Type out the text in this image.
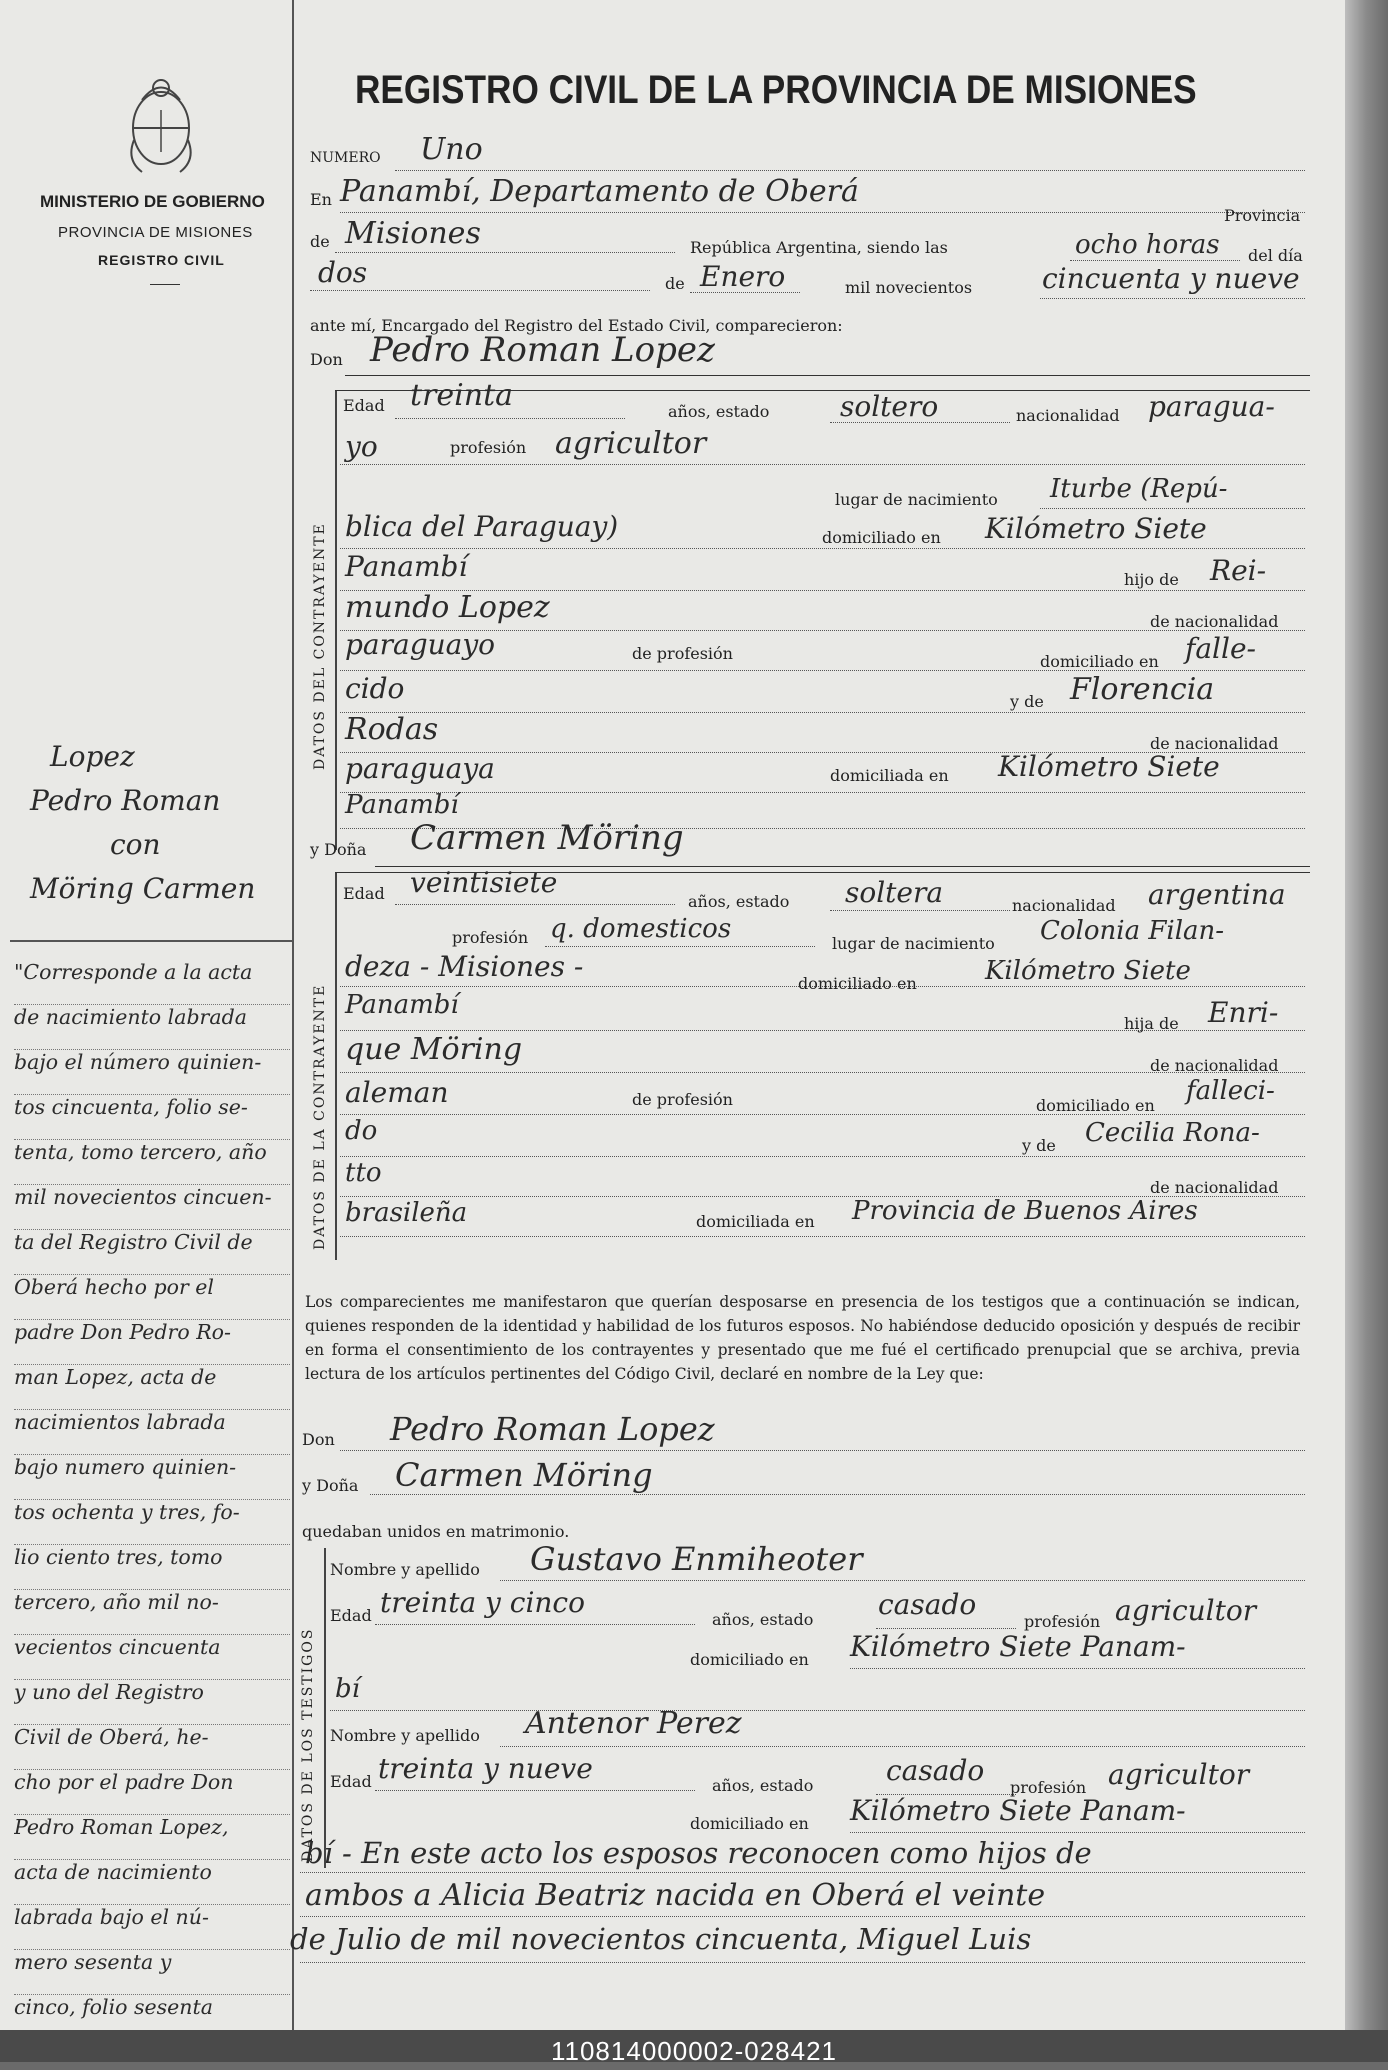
MINISTERIO DE GOBIERNO
PROVINCIA DE MISIONES
REGISTRO CIVIL
REGISTRO CIVIL DE LA PROVINCIA DE MISIONES
NUMERO Uno
En Panambí, Departamento de Oberá
Provincia
de Misiones	República Argentina, siendo las	ocho horas del día
dos	de Enero	mil novecientos cincuenta y nueve
ante mí, Encargado del Registro del Estado Civil, comparecieron:
Don Pedro Roman Lopez
DATOS DEL CONTRAYENTE
Edad treinta	años, estado	soltero	nacionalidad paragua-
yo	profesión agricultor
lugar de nacimiento Iturbe (Repú-
blica del Paraguay)	domiciliado en Kilómetro Siete
Panambí	hijo de Rei-
mundo Lopez	de nacionalidad
paraguayo	de profesión	domiciliado en falle-
cido	y de Florencia
Rodas	de nacionalidad
paraguaya	domiciliada en Kilómetro Siete
Panambí
y Doña Carmen Möring
DATOS DE LA CONTRAYENTE
Edad veintisiete
años, estado soltera	nacionalidad argentina
profesión q. domesticos	lugar de nacimiento Colonia Filan-
deza - Misiones -
domiciliado en	Kilómetro Siete
Panambí
hija de Enri-
que Möring	de nacionalidad
aleman	de profesión	domiciliado en falleci-
do	y de Cecilia Rona-
tto	de nacionalidad
brasileña	domiciliada en Provincia de Buenos Aires
Los comparecientes me manifestaron que querían desposarse en presencia de los testigos que a continuación se indican, quienes responden de la identidad y habilidad de los futuros esposos. No habiéndose deducido oposición y después de recibir en forma el consentimiento de los contrayentes y presentado que me fué el certificado prenupcial que se archiva, previa lectura de los artículos pertinentes del Código Civil, declaré en nombre de la Ley que:
Don Pedro Roman Lopez
y Doña Carmen Möring
quedaban unidos en matrimonio.
DATOS DE LOS TESTIGOS
Nombre y apellido Gustavo Enmiheoter
Edad treinta y cinco
años, estado casado
profesión agricultor
domiciliado en Kilómetro Siete Panam-
bí
Nombre y apellido Antenor Perez
Edad treinta y nueve
años, estado	casado
profesión agricultor
domiciliado en Kilómetro Siete Panam-
bí - En este acto los esposos reconocen como hijos de
ambos a Alicia Beatriz nacida en Oberá el veinte
de Julio de mil novecientos cincuenta, Miguel Luis
Lopez
Pedro Roman
con
Möring Carmen
"Corresponde a la acta
de nacimiento labrada
bajo el número quinien-
tos cincuenta, folio se-
tenta, tomo tercero, año
mil novecientos cincuen-
ta del Registro Civil de
Oberá hecho por el
padre Don Pedro Ro-
man Lopez, acta de
nacimientos labrada
bajo numero quinien-
tos ochenta y tres, fo-
lio ciento tres, tomo
tercero, año mil no-
vecientos cincuenta
y uno del Registro
Civil de Oberá, he-
cho por el padre Don
Pedro Roman Lopez,
acta de nacimiento
labrada bajo el nú-
mero sesenta y
cinco, folio sesenta
110814000002-028421
